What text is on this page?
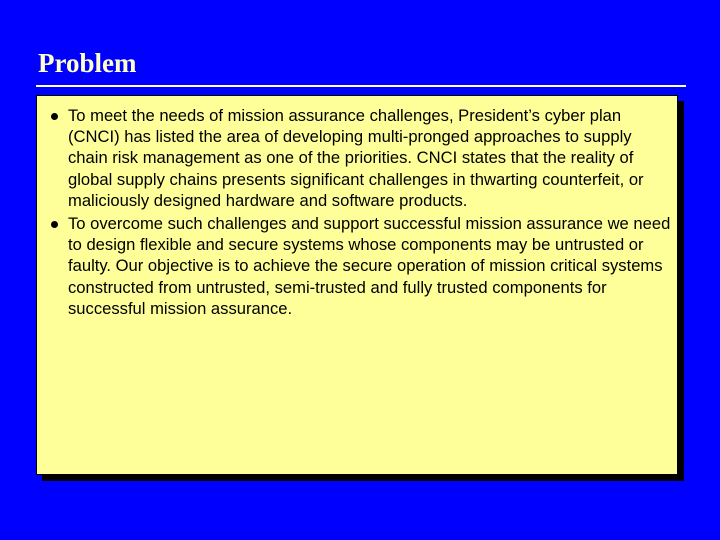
Problem
To meet the needs of mission assurance challenges, President’s cyber plan (CNCI) has listed the area of developing multi-pronged approaches to supply chain risk management as one of the priorities. CNCI states that the reality of global supply chains presents significant challenges in thwarting counterfeit, or maliciously designed hardware and software products.
To overcome such challenges and support successful mission assurance we need to design flexible and secure systems whose components may be untrusted or faulty. Our objective is to achieve the secure operation of mission critical systems constructed from untrusted, semi-trusted and fully trusted components for successful mission assurance.
